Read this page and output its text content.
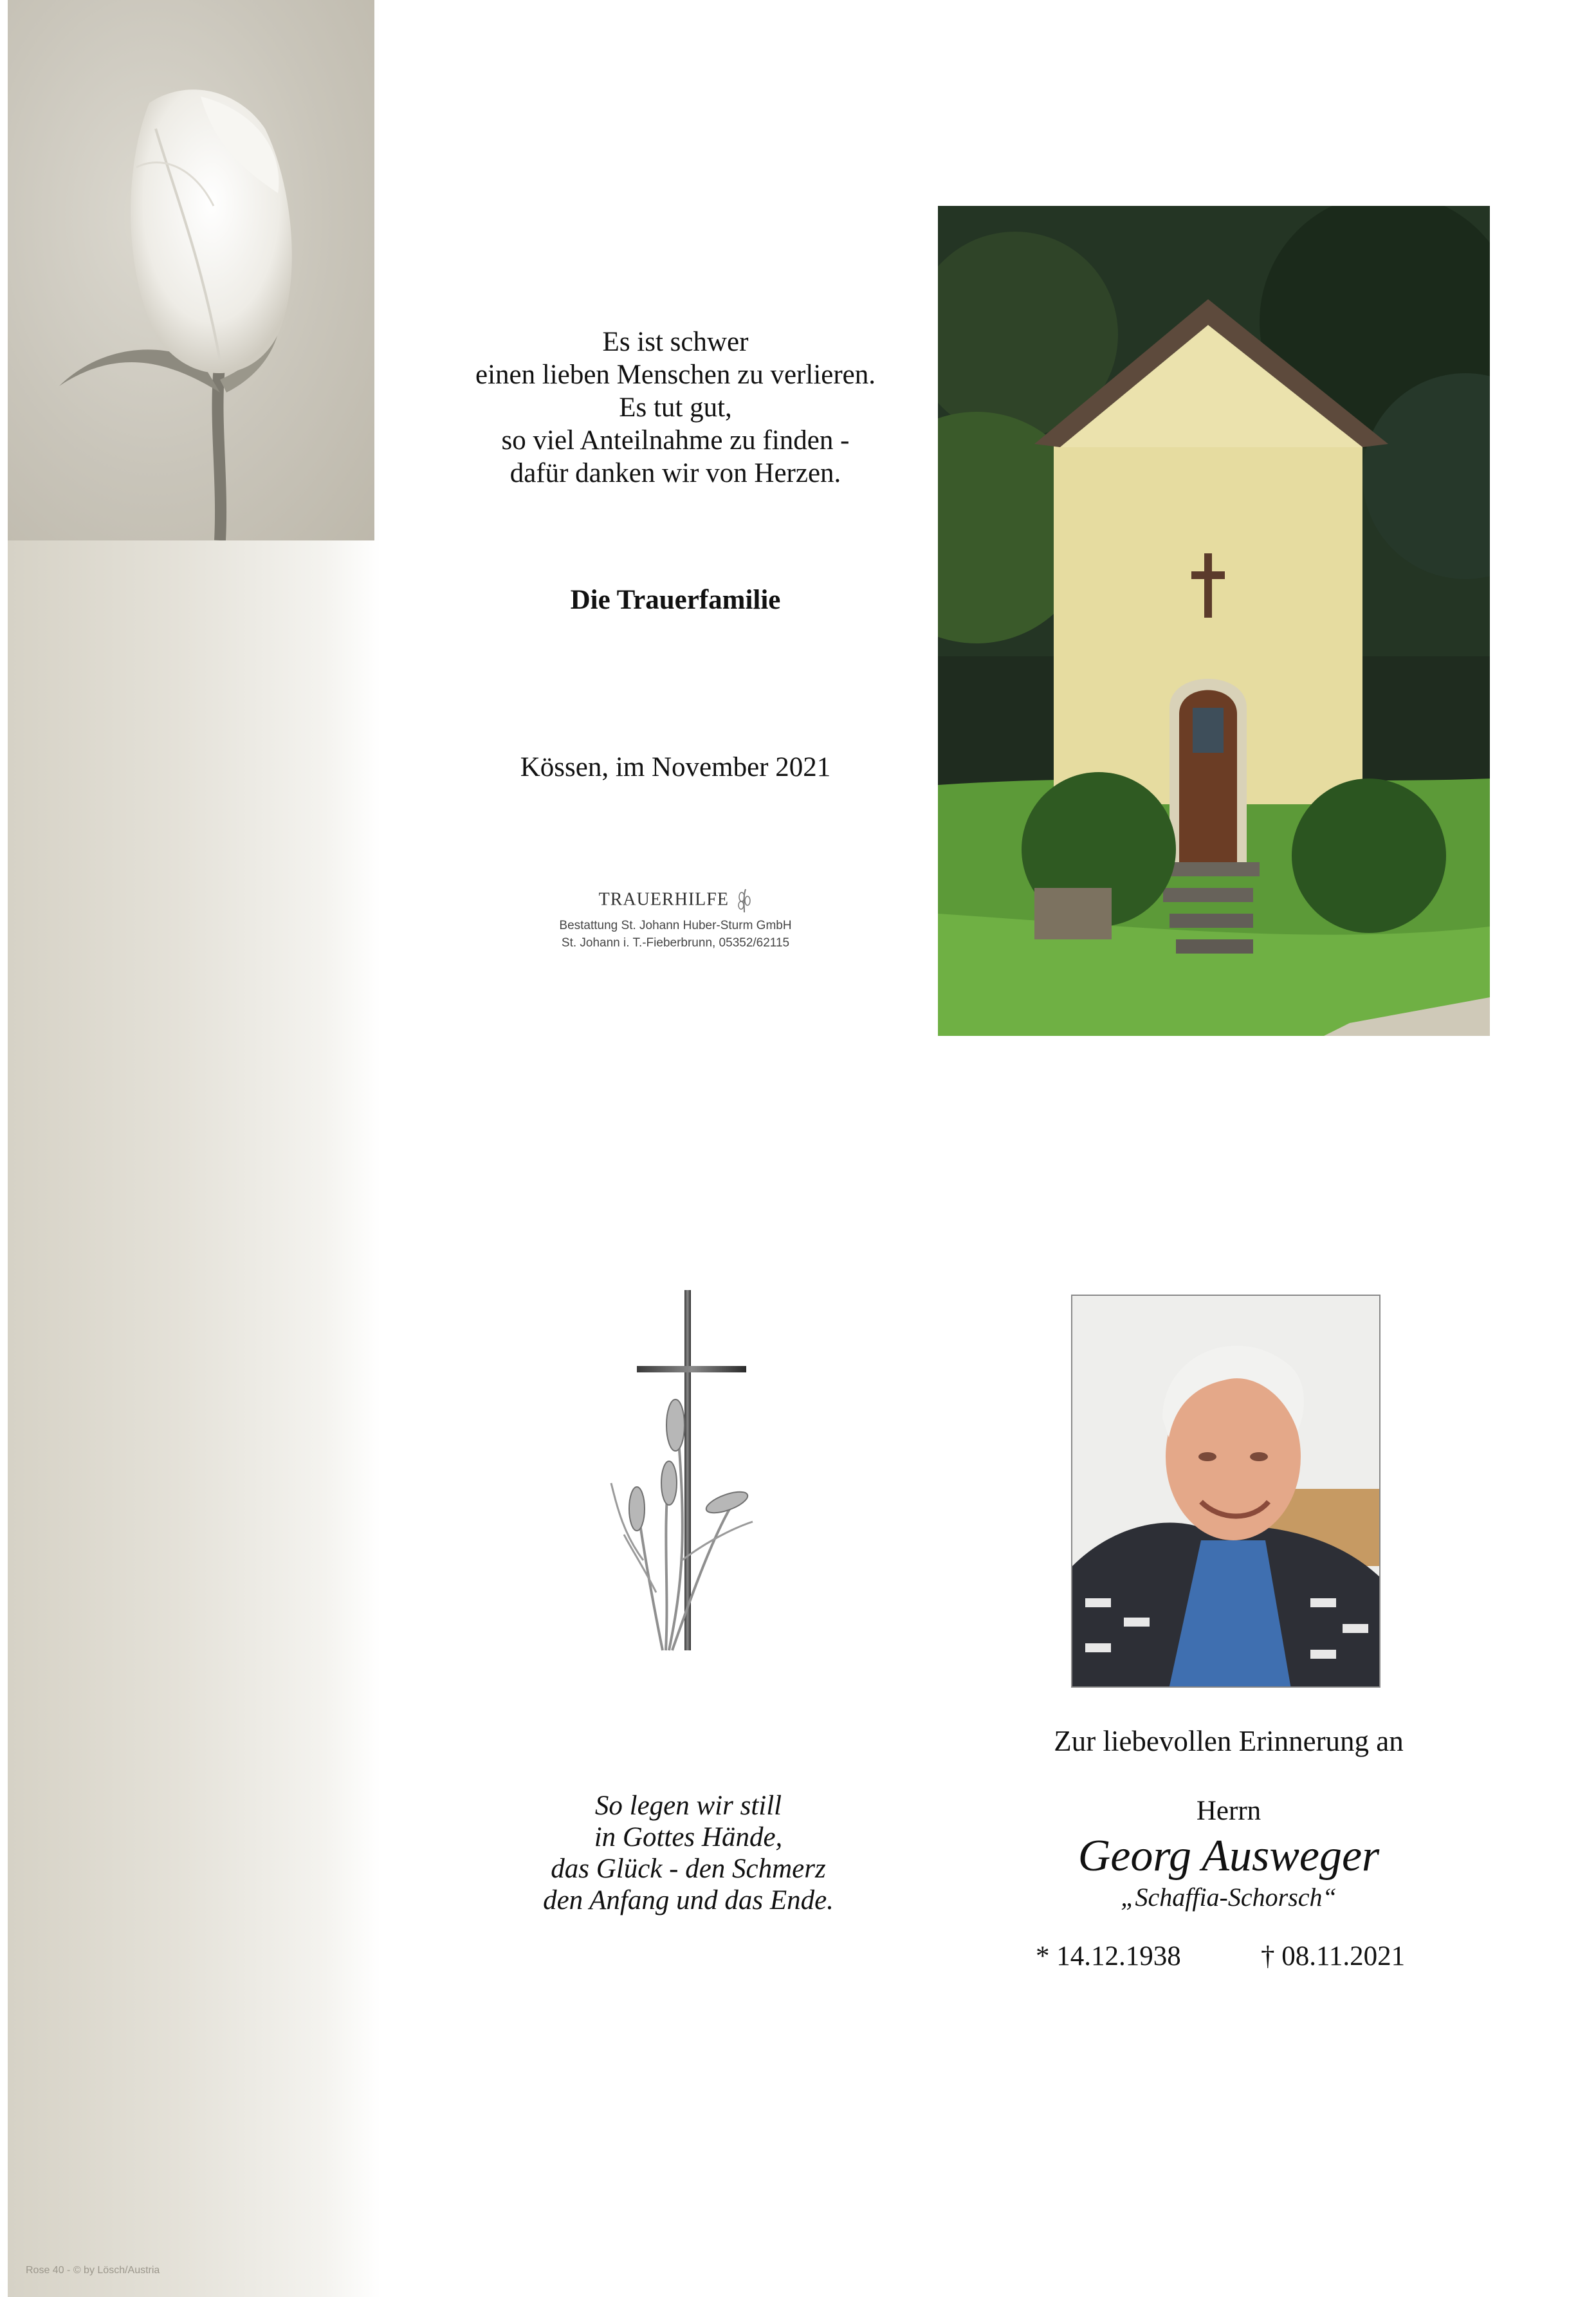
Rose 40 - © by Lösch/Austria
Es ist schwer
einen lieben Menschen zu verlieren.
Es tut gut,
so viel Anteilnahme zu finden -
dafür danken wir von Herzen.
Die Trauerfamilie
Kössen, im November 2021
TRAUERHILFE
Bestattung St. Johann Huber-Sturm GmbH
St. Johann i. T.-Fieberbrunn, 05352/62115
So legen wir still
in Gottes Hände,
das Glück - den Schmerz
den Anfang und das Ende.
Zur liebevollen Erinnerung an
Herrn
Georg Ausweger
„Schaffia-Schorsch“
* 14.12.1938	† 08.11.2021
